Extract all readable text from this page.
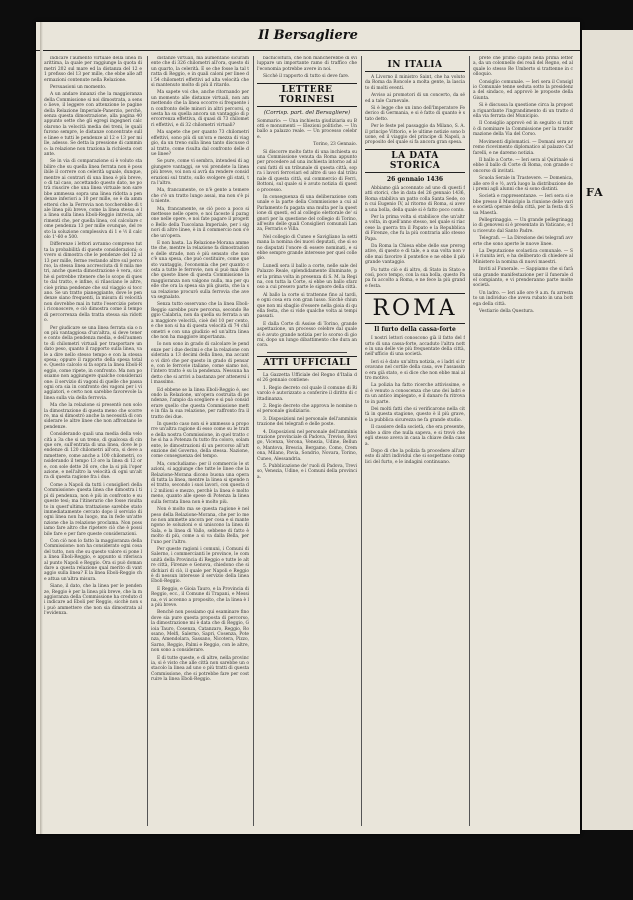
Il Bersagliere

indicare l'aumento virtuale della linea marittima, la quale per raggiunge la quota di metri 202 sul mare ed la distanza del 12 e 1 prefisso del 13 per mille, che ebbe alle affermazioni contenute nella Relazione.

Persuasioni un momento.

A un andare innanzi che la maggioranza della Commissione si noi dimostrata, a senso lieve, il leggere con attenzione le pagine della Relazione Imperiale-Panerzio, perchè, senza questa dimostrazione, alla pagina 40 appunto sette che gli egregi ingegneri calcolarono la velocità media dei treni, le quali furono sempre, le distanze concentrate sulle linee e tutti le pendenze al 12 e 13 per mille, adesso. Se detta la pressione di cammino: la relazione non traziona la richiesta costante.

Se in via di comparazione si è voluto stabilire che su quella linea ferrata non è possibile il correre con celerità uguale, dunque, mentre ai contrari di una linea è più breve, o di tal caso, accettando questo dato, ne potrà riuscire che una linea virtuale non sarebbe ammessa sopra una linea ridotta a pendenze inferiori a 10 per mille, se è da ammettersi che la Ferrovia non toccherebbe di tale linea più breve, come la linea stessa e la linea sulla linea Eboli-Reggio intrecia, altrimenti che, per quella linea, col calcolare come pendenza 13 per mille ovunque, del resto la soluzione complessiva di 1 e ½ il calcolo 1'-60 e 500.

Differenze i lettori avranno compreso tutta la probabilità di queste considerazioni; ovvero si dimostra che le pendenze del 12 al 13 per mille, ferme restando altre sul percorso, la stessa linea accresciuta di 8 mila metri, anche questa dimostrazione è vera, sicchè si potrebbe ritenere che lo scopo di questo dal tratto, e infine, si rilasciano le altre, cioè prima pendenze che sul viaggio si toccano. Se un tratto pianeggiante, dove le pendenze siano frequenti, la misura di velocità non dovrebbe mai in tutto l'esercizio potersi riconoscere, e ciò dimostra come il tempo di percorrenza della tratta stessa sia ridotto.

Per giudicare se una linea ferrata sia o non più vantaggiosa d'un'altra, si deve tenere conto della pendenza media, e dell'aumento di chilometri virtuali per trasportare un dato peso, quanto il rapporto sulla linea, vale a dire nello stesso tempo e con la stessa spesa; oppure il rapporto della spesa totale. Questo calcolo si fa sopra la linea Eboli-Reggio, come ripete, in confronto. Ma non possiamo non aggiungere qualche considerazione: il servizio di vagoni di quelle che passa ogni ora sia in confronto dei vagoni per i viaggiatori, e certo non sarebbe favorevole la linea sulla via della ferrovia.

Ma che la relazione si presentò non solo la dimostrazione di questa meno che scorrere, ma si dimostrò anche la necessità di considerare le altre linee che non affrontano le pendenze.

Considerando quali una media della velocità a 3a che si un treno, di qualcosa di cinque ore, sull'entrata di una linea, dove le pendenze di 120 chilometri all'ora, si deve ammettere, come anche a 100 chilometri, considerando il tempo 13 ore la linea di 12 ore, con sole dette 26 ore, che la si più l'operazione, e nell'altro la velocità di ogni un'altra di questa ragione fra i due.

Come a Napoli da tutti i consiglieri della Commissione: questa linea che dimostra i tipi di pendenza, non è più in confronto e su queste tesi; ma l'itinerario che fosse risultato in quest'ultima trattazione sarebbe stato immediatamente cercato dopo il servizio di ogni linea non ha luogo, ma in fede un'attenzione che la relazione proclama. Non possiamo fare altro che ripetere ciò che è possibile fare e per fare queste considerazioni.

Con ciò non lo fatto la maggioranza della Commissione: non ha considerato ogni cosa del tutto, non che su questo valore si pone la linea Eboli-Reggio, e appunto si riferisca al punto Napoli e Reggio. Ora si può domandare a questa relazione qual merito di vantaggio sulla linea? E la linea Eboli-Reggio che attua un'altra misura.

Siano, il dato, che la linea per le pendenze, Reggio è per la linea più breve, che la maggioranza della Commissione ha creduto di indicare ad Eboli per Reggio, sicchè non si può ammettere che non sia dimostrata all'evidenza.

distanze virtuali, ma aumentano sicuramente che di 326 chilometri all'ora, questo di un quarto, la celerità. E se che fosse la tal tratta di Reggio, e in quali caloni per linee di 54 chilometri effettivi ad alta velocità che si mantenuto molto di più il ritardo.

Ma sapete voi che, anche ritornando per un momento alle distanze virtuali, non ammettendo che la linea occorre si frequente in confronto delle minori in altri percorsi, questa ha su quella ancora un vantaggio di percorrenza effettiva, di quasi di 73 chilometri effettivi, e di 32 chilometri virtuali?

Ma sapete che per quanto 73 chilometri effettivi, sono più di un'ora e mezza di viaggio, da un treno sulla linea tanto discusse dal tratto, come risulta dal confronto delle due linee?

Se pure, come vi sembra, intendesi di aggiungere vantaggi, se voi prendete la linea più breve, voi non si avrà da rendere considerazioni sul tratto, sullo svolgere gli stati, tra l'altro.

Ma, francamente, ce n'è gente a temere che c'è un tratto lungo assai, ma non s'è più niente.

Ma, francamente, se ciò poco a poco si mettesse nelle opere, e noi faceste il paragone nelle opere, e noi fate pagare il progetto Bello della Tuscolana Imperiale, per i signori di altre linee, è in il commercio non s'è che un'opera.

E non basta. La Relazione-Morana ammette che, mentre la relazione fa dimostrazione delle strade, non è più sensato che non c'è una spesa, che può costituire, come questo vantaggio, l'economia che per quanto costa a tutte le ferrovie, non si può mai dire che queste linee di questa Commissione la maggioranza non valgono nulla, ma per quelle che ora la spesa sia più giusta, che la sua relazione procurò sulla ferrovia che aveva segnalato.

Senza tutto osservano che la linea Eboli-Reggio sarebbe pure percorsa, secondo Reggio Calabria, non da quella su ferrata a una maggiore velocità, cioè del 10 per cento, e che non si ha di questa velocità di 74 chilometri e con una giudizio ed un'altra linea che non ha maggiore importanza.

Io non sono in grado di calcolare le pendenze per i due decimi e che la relazione considerata a 13 decimi della linea, ma accanto vi dirò che per questo in grado di pensare, con le ferrovie italiane, come siamo noi, l'intero tratto è su la pendenza. Nessuna ha detto che si arrivi a bastanza per attenersi il massimo.

Ed ebbene se la linea Eboli-Reggio è, secondo la Relazione, un'opera costruita di pendenze, l'ampio da scegliere e si può considerare quello che questa Commissione mette in fila la sua relazione, per raffronto fra il tratto dei due.

In questo caso non si è ammesso a proporre un'altra ragione di esso come su le tratte della nostra Commissione, in quel tratto che si ha a Potenza fu tutto fra coloro, solamente, le dimostrazioni di un percorso all'attenzione del Governo, della stessa. Nazione, come conseguenza del tempo.

Ma, concludiamo: per il commercio le stazioni, si aggiunge che tutte le linee che la Relazione-Morana dicono buona una opera di tutta la linea, mentre la linea si spende nel tratto, secondo i suoi lavori, con questa di 2 milioni e mezzo, perchè la linea è molto meno, quanto alle spese di Potenza la linea sulla ferrata linea non è molto più.

Non è molto ma se questa ragione è nel peso della Relazione-Morana, che per lo meno non ammette ancora per cosa e si mantengono le soluzioni e si uniscono la linea di Sala, e la linea di Vallo, sebbene di fatto è molto di più, come a si va dalla Bella, per l'uno per l'altro.

Per queste ragioni i comuni, i Comuni di Salerno, i commercianti le province, le comunità della Provincia di Reggio e tutte le altre città, Firenze e Genova, chiedono che si dichiari di ciò, il quale per Napoli e Reggio è di nessun interesse il servizio della linea Eboli-Reggio.

E Reggio, e Gioia Tauro, e la Provincia di Reggio, ecc., il Comune di Trapani, e Messina, e vi accenno a proposito, che la linea è la più breve.

Benchè non possiamo qui esaminare fino dove sia pure questa proposta di percorso, la dimostrazione mi è data che di Reggio, Gioia Tauro, Cosenza, Catanzaro, Reggio, Rossano, Melfi, Salerno, Sapri, Cosenza, Potenza, Amendolara, Sassano, Nicotera, Pizzo, Sarno, Reggio, Palmi e Reggio, con le altre, non sono a considerare.

E di tutte queste, e di altre, nella provincia, si è visto che alle città non sarebbe un ostacolo la linea ad uno o più tratti di questa Commissione, che si potrebbe fare per costruire la linea Eboli-Reggio.

bachicoltura, che non mancherebbe di sviluppare un importante ramo di traffico che l'economia potrebbe avere in noi.

Sicchè il rapporto di tutto si deve fare.

LETTERE TORINESI
(Corrisp. part. del Bersagliere)

Sommario: — Una inchiesta giudiziaria su Botti e monumenti — Elezioni politiche. — Un ballo a palazzo reale. — Un processo celebre.

Torino, 23 Gennaio.

Si discorre molto fatto di una inchiesta su una Commissione venuta da Roma appunto per procedere ad una inchiesta intorno ad alcuni fatti di un tribunale di questa città, sopra i lavori ferroviari ed altre di uso dal tribunale di questa città, sul commercio di Ferri, Bottoni, sul quale si è avuto notizia di questo processo.

In conseguenza di una deliberazione comunale e la parte della Commissione a cui al Parlamento fu pagata una multa per la questione di questi, ed al collegio elettorale de' signori per la questione del collegio di Torino, all'esito delle quali Consiglieri comunali Lanza, Ferraris e Villa.

Nel collegio di Cuneo e Savigliano la settimana la nomina dei nuovi deputati, che si sono disputati l'onore di essere nominati, e si ebbe sempre grande interesse per quel collegio.

Lunedì sera il ballo a corte, nelle sale del Palazzo Reale, splendidamente illuminate, per la prima volta in presenza di S. M. la Regina, con tutta la Corte, si ebbe un ballo sfarzoso a cui presero parte le signore della città.

Al ballo la corte si trattenne fino al tardi, e ogni cosa era con gran lusso. Sicchè chiunque non mi sbaglio d'essere nella gioia di quella festa, che si vide qualche volta ai tempi passati.

E dalla Corte di Assise di Torino, grande aspettazione, un processo celebre dal quale si è avuto grande notizia per lo scorso di giorni, dopo un lungo dibattimento che dura ancora.

ATTI UFFICIALI

La Gazzetta Ufficiale del Regno d'Italia del 26 gennaio contiene:

1. Regio decreto col quale il comune di Rivarolo è autorizzato a conferire il diritto di cittadinanza.

2. Regio decreto che approva le nomine nel personale giudiziario.

3. Disposizioni nel personale dell'amministrazione dei telegrafi e delle poste.

4. Disposizioni nel personale dell'amministrazione provinciale di Padova, Treviso, Rovigo, Vicenza, Verona, Venezia, Udine, Belluno, Mantova, Brescia, Bergamo, Como, Cremona, Milano, Pavia, Sondrio, Novara, Torino, Cuneo, Alessandria.

5. Pubblicazione de' ruoli di Padova, Treviso, Venezia, Udine, e i Comuni della provincia.

IN ITALIA

A Livorno il ministro Saint, che ha voluto da Roma da Roncole a molta gente, la lasciato di molti eventi.

Avviso ai promotori di un concerto, da sé ed a tale Carnevale.

Si è legge che un inno dell'Imperatore Federico di Germania, e si è fatto di quanto è stato detto.

Per le feste pel passaggio da Milano, S. A. il principe Vittorio, e le ultime notizie sono buone, ed il viaggio del principe di Napoli, a proposito del quale si fa ancora gran spesa.

LA DATA STORICA
26 gennaio 1436

Abbiamo già accennato ad uno di questi fatti storici, che in data del 26 gennaio 1436, Roma stabiliva un patto colla Santa Sede, con cui Eugenio IV, al ritorno di Roma, si aveva una bolla, della quale si è fatto poco conto.

Per la prima volta si stabilisce che un'altra volta, in quell'anno stesso, nel quale si riaccese la guerra tra il Papato e la Repubblica di Firenze, che fu la più contraria allo stesso Papa.

Da Roma la Chiesa ebbe delle sue prerogative, di questo e di tale, e a sua volta non volle mai favorire il pontefice e ne ebbe il più grande vantaggio.

Fu tutto ciò e di altro, di Stato in Stato e così, poco tempo, con la sua bolla, questo Papa fu accolto a Roma, e ne fece la più grande festa.

ROMA
Il furto della cassa-forte

I nostri lettori conoscono già il fatto del furto di una cassa-forte, accaduto l'altra notte in una delle vie più frequentate della città, nell'ufficio di una società.

Ieri si è dato un'altra notizia, e i ladri si trovavano nel cortile della casa, ove l'assassino era già stato, e si dice che non ebbe mai altro motivo.

La polizia ha fatto ricerche attivissime, e si è venuto a conoscenza che uno dei ladri era un antico impiegato, e il danaro fu ritrovato in parte.

Dei molti fatti che si verificarono nella città in questa stagione, questo è il più grave, e la pubblica sicurezza ne fa grande studio.

Il cassiere della società, che era presente, ebbe a dire che nulla sapeva, e si trovò che egli stesso aveva in casa la chiave della cassa.

Dopo di che la polizia fa procedere all'arresto di altri individui che si sospettano complici del furto, e le indagini continuano.

prete che primo capitò nella prima lettera, da un colonnello dei reali del Regno, ed al quale lo stesso Re Umberto si trattenne in colloquio.

Consiglio comunale. — Ieri sera il Consiglio Comunale tenne seduta sotto la presidenza del sindaco, ed approvò le proposte della Giunta.

Si è discussa la questione circa la proposta riguardante l'ingrandimento di un tratto della via ferrata del Municipio.

Il Consiglio approvò ed in seguito si trattò di nominare la Commissione per la trasformazione della Via del Corso.

Movimenti diplomatici. — Domani sera avremo ricevimento diplomatico al palazzo Caffarelli, e ne daremo notizia.

Il ballo a Corte. — Ieri sera al Quirinale si ebbe il ballo di Corte di Roma, con grande concorso di invitati.

Scuola Serale in Trastevere. — Domenica, alle ore 8 e ½, avrà luogo la distribuzione dei premi agli alunni che si sono distinti.

Società e rappresentanze. — Ieri sera si ebbe presso il Municipio la riunione delle varie società operaie della città, per la festa di Sua Maestà.

Pellegrinaggio. — Un grande pellegrinaggio di genovesi si è presentato in Vaticano, e fu ricevuto dal Santo Padre.

Telegrafi. — La Direzione dei telegrafi avverte che sono aperte le nuove linee.

La Deputazione scolastica comunale. — Si è riunita ieri, e ha deliberato di chiedere al Ministero la nomina di nuovi maestri.

Inviti al Funerale. — Sappiamo che si farà una grande manifestazione per il funerale del compianto, e vi prenderanno parte molte società.

Un ladro. — Ieri alle ore 9 a.m. fu arrestato un individuo che aveva rubato in una bottega della città.

Vestiario della Questura.

FA
